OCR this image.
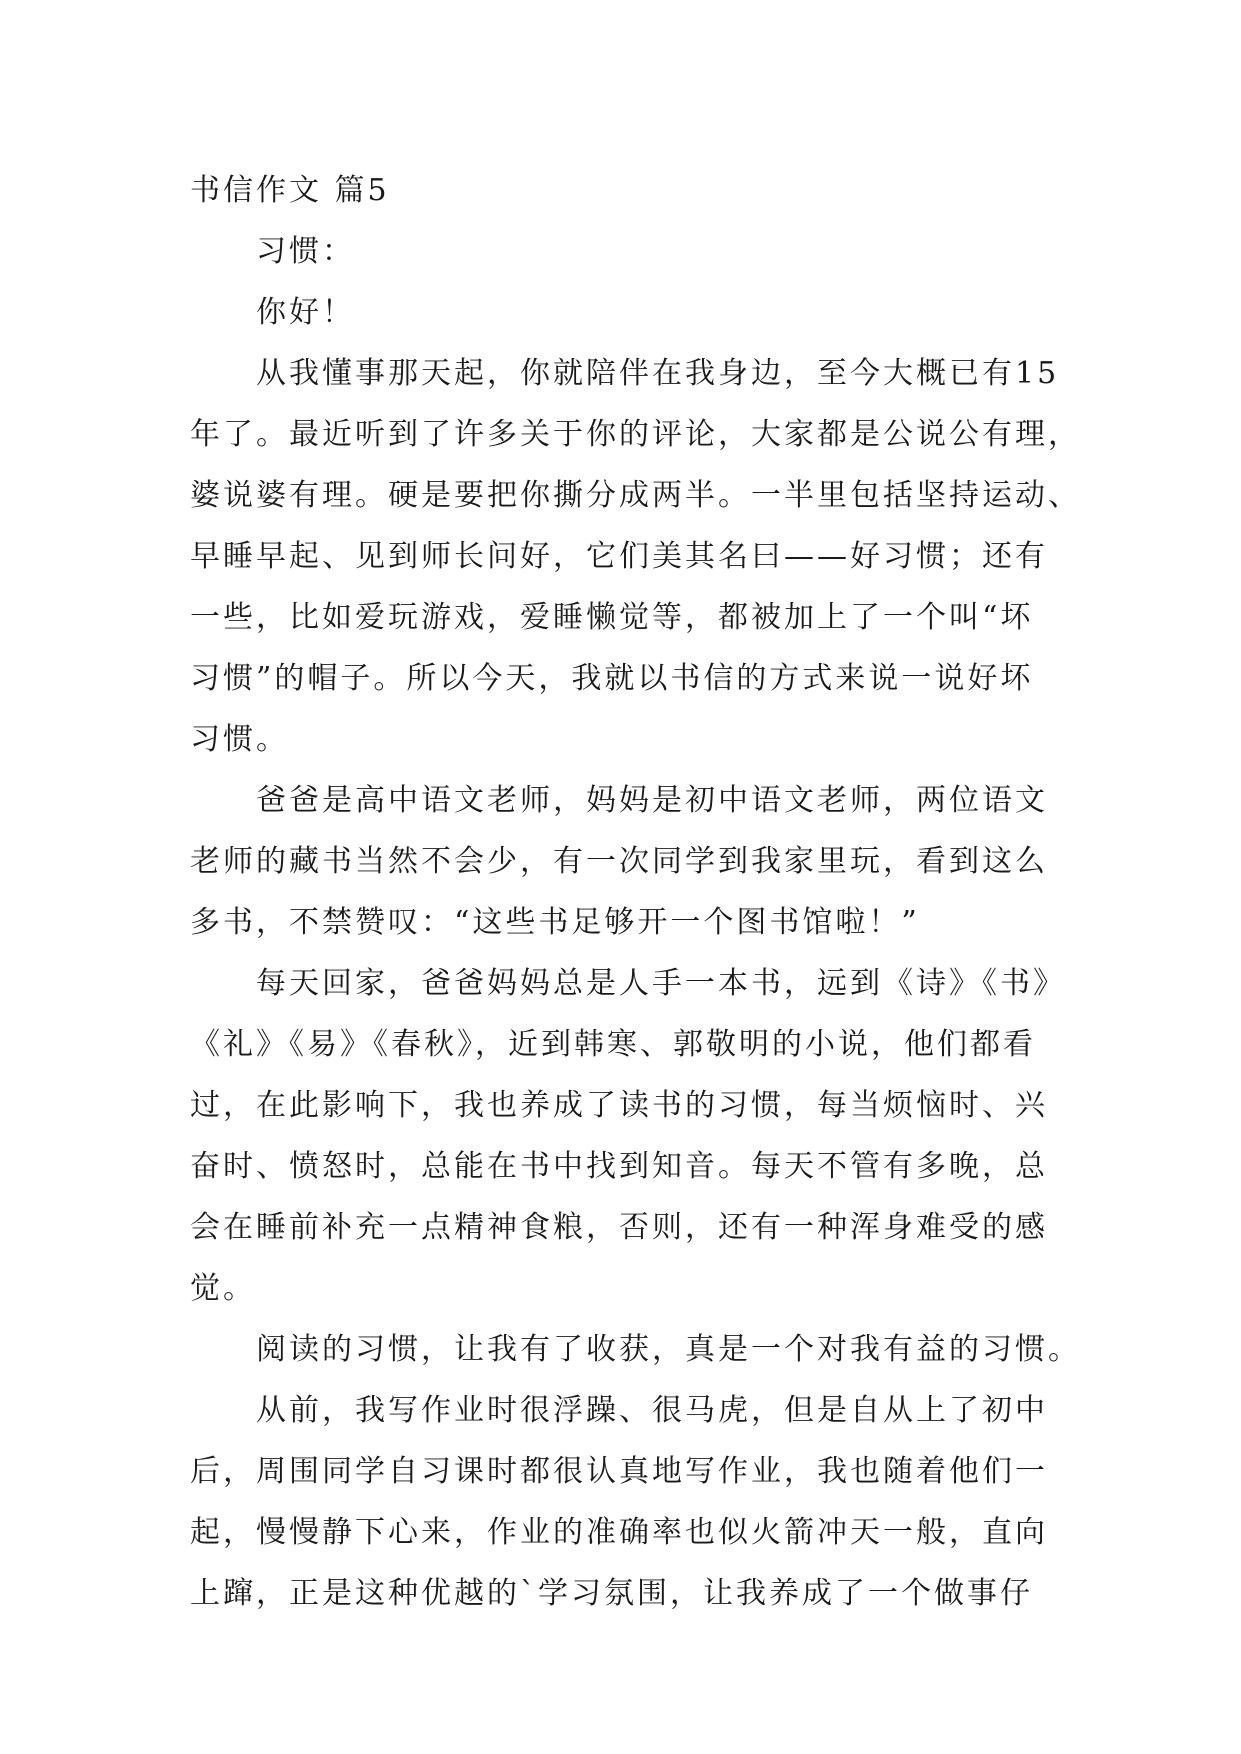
书信作文 篇5
习惯：
你好！
从我懂事那天起，你就陪伴在我身边，至今大概已有15
年了。最近听到了许多关于你的评论，大家都是公说公有理，
婆说婆有理。硬是要把你撕分成两半。一半里包括坚持运动、
早睡早起、见到师长问好，它们美其名曰——好习惯；还有
一些，比如爱玩游戏，爱睡懒觉等，都被加上了一个叫“坏
习惯”的帽子。所以今天，我就以书信的方式来说一说好坏
习惯。
爸爸是高中语文老师，妈妈是初中语文老师，两位语文
老师的藏书当然不会少，有一次同学到我家里玩，看到这么
多书，不禁赞叹：“这些书足够开一个图书馆啦！”
每天回家，爸爸妈妈总是人手一本书，远到《诗》《书》
《礼》《易》《春秋》，近到韩寒、郭敬明的小说，他们都看
过，在此影响下，我也养成了读书的习惯，每当烦恼时、兴
奋时、愤怒时，总能在书中找到知音。每天不管有多晚，总
会在睡前补充一点精神食粮，否则，还有一种浑身难受的感
觉。
阅读的习惯，让我有了收获，真是一个对我有益的习惯。
从前，我写作业时很浮躁、很马虎，但是自从上了初中
后，周围同学自习课时都很认真地写作业，我也随着他们一
起，慢慢静下心来，作业的准确率也似火箭冲天一般，直向
上蹿，正是这种优越的`学习氛围，让我养成了一个做事仔
